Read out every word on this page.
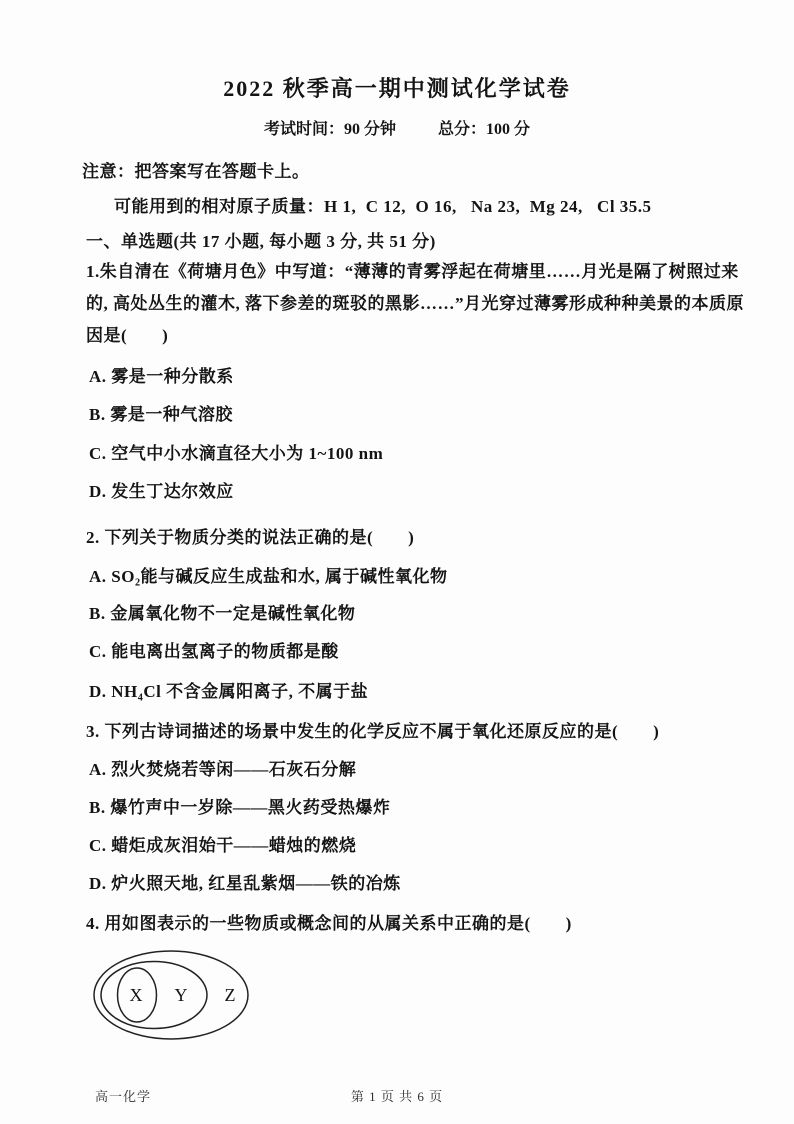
2022 秋季高一期中测试化学试卷
考试时间：90 分钟	总分：100 分
注意：把答案写在答题卡上。
可能用到的相对原子质量：H 1,  C 12,  O 16,   Na 23,  Mg 24,   Cl 35.5
一、单选题(共 17 小题, 每小题 3 分, 共 51 分)
1.朱自清在《荷塘月色》中写道：“薄薄的青雾浮起在荷塘里……月光是隔了树照过来
的, 高处丛生的灌木, 落下参差的斑驳的黑影……”月光穿过薄雾形成种种美景的本质原
因是(　　)
A. 雾是一种分散系
B. 雾是一种气溶胶
C. 空气中小水滴直径大小为 1~100 nm
D. 发生丁达尔效应
2. 下列关于物质分类的说法正确的是(　　)
A. SO₂能与碱反应生成盐和水, 属于碱性氧化物
B. 金属氧化物不一定是碱性氧化物
C. 能电离出氢离子的物质都是酸
D. NH₄Cl 不含金属阳离子, 不属于盐
3. 下列古诗词描述的场景中发生的化学反应不属于氧化还原反应的是(　　)
A. 烈火焚烧若等闲——石灰石分解
B. 爆竹声中一岁除——黑火药受热爆炸
C. 蜡炬成灰泪始干——蜡烛的燃烧
D. 炉火照天地, 红星乱紫烟——铁的冶炼
4. 用如图表示的一些物质或概念间的从属关系中正确的是(　　)
X Y Z
高一化学	第 1 页 共 6 页
